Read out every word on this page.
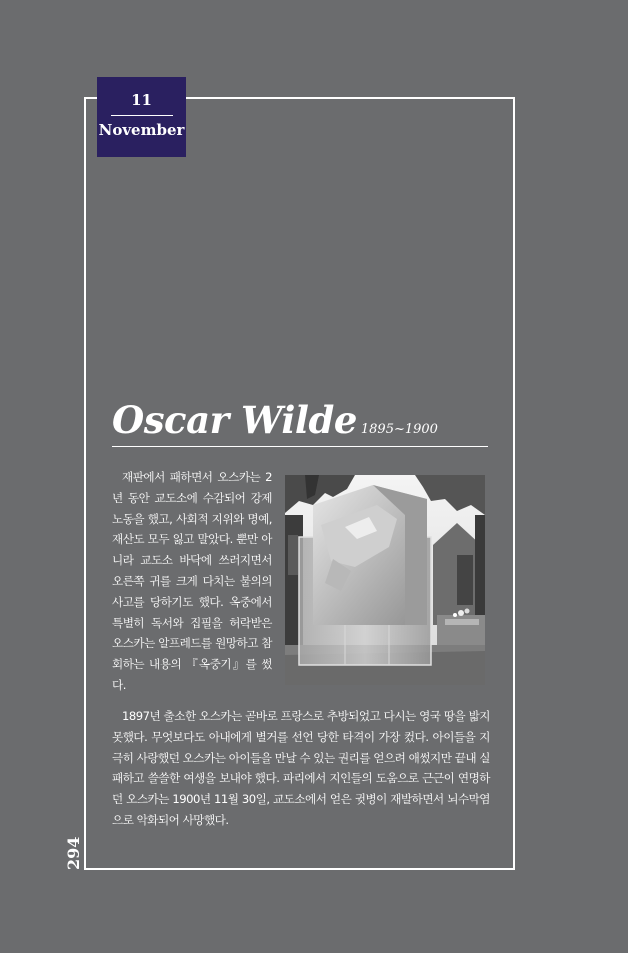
11
November
Oscar Wilde 1895~1900

재판에서 패하면서 오스카는 2년 동안 교도소에 수감되어 강제노동을 했고, 사회적 지위와 명예, 재산도 모두 잃고 말았다. 뿐만 아니라 교도소 바닥에 쓰러지면서 오른쪽 귀를 크게 다치는 불의의 사고를 당하기도 했다. 옥중에서 특별히 독서와 집필을 허락받은 오스카는 알프레드를 원망하고 참회하는 내용의 『옥중기』를 썼다.

1897년 출소한 오스카는 곧바로 프랑스로 추방되었고 다시는 영국 땅을 밟지 못했다. 무엇보다도 아내에게 별거를 선언 당한 타격이 가장 컸다. 아이들을 지극히 사랑했던 오스카는 아이들을 만날 수 있는 권리를 얻으려 애썼지만 끝내 실패하고 쓸쓸한 여생을 보내야 했다. 파리에서 지인들의 도움으로 근근이 연명하던 오스카는 1900년 11월 30일, 교도소에서 얻은 귓병이 재발하면서 뇌수막염으로 악화되어 사망했다.

294
